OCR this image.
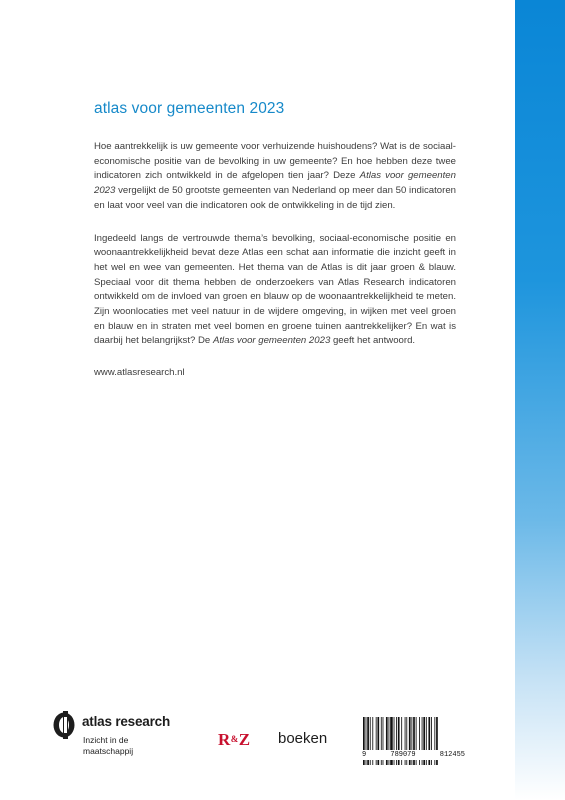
atlas voor gemeenten 2023

Hoe aantrekkelijk is uw gemeente voor verhuizende huishoudens? Wat is de sociaal-economische positie van de bevolking in uw gemeente? En hoe hebben deze twee indicatoren zich ontwikkeld in de afgelopen tien jaar? Deze Atlas voor gemeenten 2023 vergelijkt de 50 grootste gemeenten van Nederland op meer dan 50 indicatoren en laat voor veel van die indicatoren ook de ontwikkeling in de tijd zien.

Ingedeeld langs de vertrouwde thema’s bevolking, sociaal-economische positie en woonaantrekkelijkheid bevat deze Atlas een schat aan informatie die inzicht geeft in het wel en wee van gemeenten. Het thema van de Atlas is dit jaar groen & blauw. Speciaal voor dit thema hebben de onderzoekers van Atlas Research indicatoren ontwikkeld om de invloed van groen en blauw op de woonaantrekkelijkheid te meten. Zijn woonlocaties met veel natuur in de wijdere omgeving, in wijken met veel groen en blauw en in straten met veel bomen en groene tuinen aantrekkelijker? En wat is daarbij het belangrijkst? De Atlas voor gemeenten 2023 geeft het antwoord.

www.atlasresearch.nl
atlas research
Inzicht in de maatschappij
R&Z boeken
9	789079	812455
